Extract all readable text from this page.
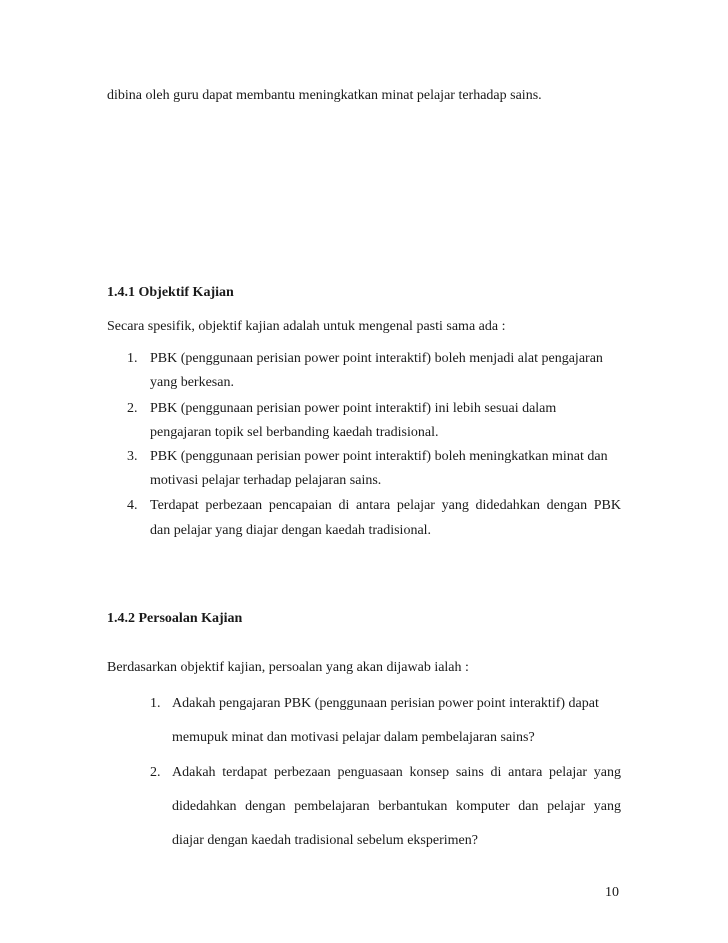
dibina oleh guru dapat membantu meningkatkan minat pelajar terhadap sains.
1.4.1 Objektif Kajian
Secara spesifik, objektif kajian adalah untuk mengenal pasti sama ada :
1. PBK (penggunaan perisian power point interaktif) boleh menjadi alat pengajaran
yang berkesan.
2. PBK (penggunaan perisian power point interaktif) ini lebih sesuai dalam
pengajaran topik sel berbanding kaedah tradisional.
3. PBK (penggunaan perisian power point interaktif) boleh meningkatkan minat dan
motivasi pelajar terhadap pelajaran sains.
4. Terdapat perbezaan pencapaian di antara pelajar yang didedahkan dengan PBK
dan pelajar yang diajar dengan kaedah tradisional.
1.4.2 Persoalan Kajian
Berdasarkan objektif kajian, persoalan yang akan dijawab ialah :
1. Adakah pengajaran PBK (penggunaan perisian power point interaktif) dapat
memupuk minat dan motivasi pelajar dalam pembelajaran sains?
2. Adakah terdapat perbezaan penguasaan konsep sains di antara pelajar yang
didedahkan dengan pembelajaran berbantukan komputer dan pelajar yang
diajar dengan kaedah tradisional sebelum eksperimen?
10
